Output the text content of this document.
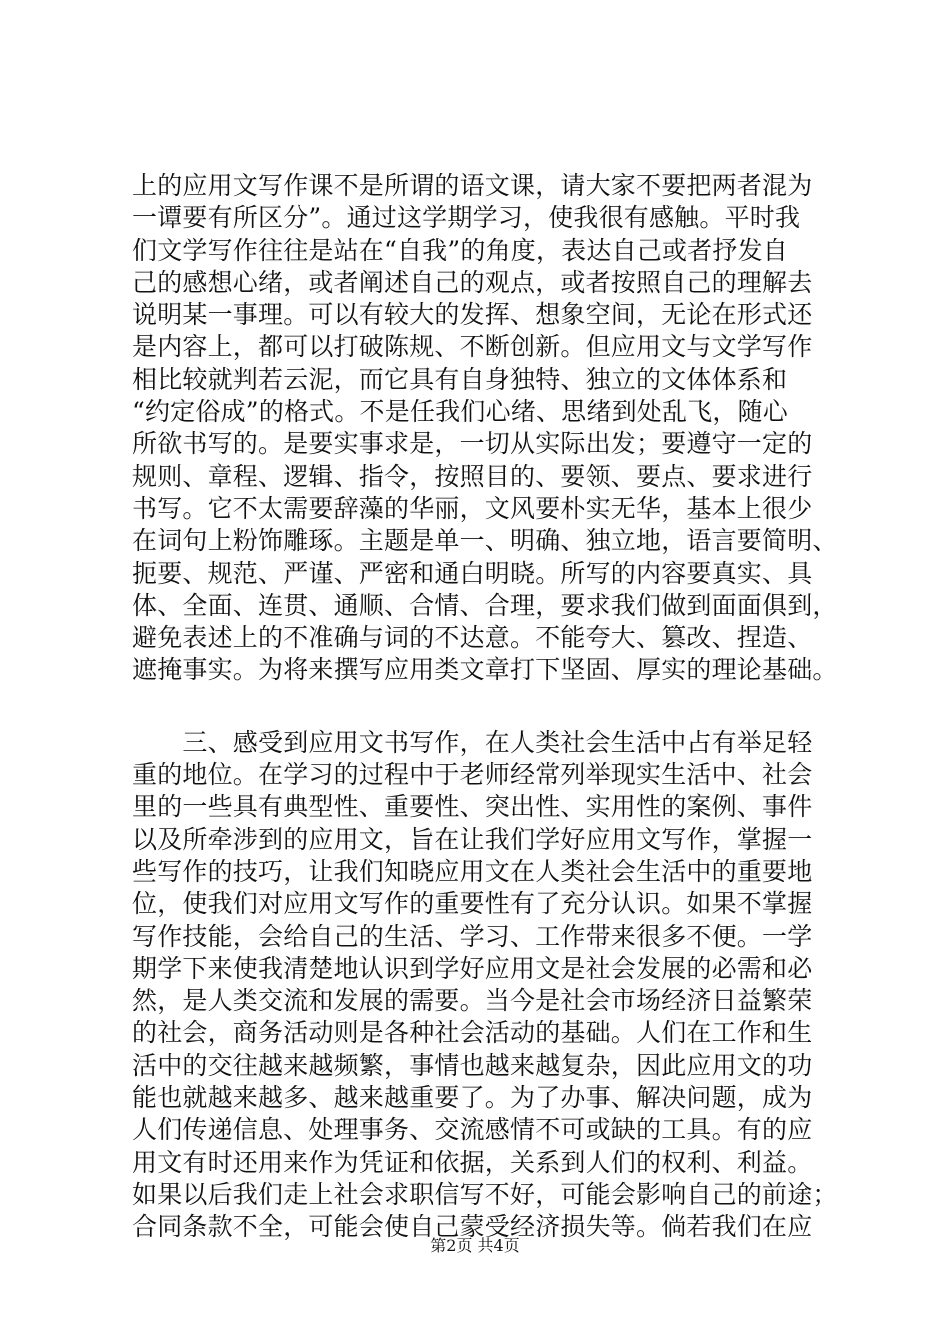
上的应用文写作课不是所谓的语文课，请大家不要把两者混为
一谭要有所区分”。通过这学期学习，使我很有感触。平时我
们文学写作往往是站在“自我”的角度，表达自己或者抒发自
己的感想心绪，或者阐述自己的观点，或者按照自己的理解去
说明某一事理。可以有较大的发挥、想象空间，无论在形式还
是内容上，都可以打破陈规、不断创新。但应用文与文学写作
相比较就判若云泥，而它具有自身独特、独立的文体体系和
“约定俗成”的格式。不是任我们心绪、思绪到处乱飞，随心
所欲书写的。是要实事求是，一切从实际出发；要遵守一定的
规则、章程、逻辑、指令，按照目的、要领、要点、要求进行
书写。它不太需要辞藻的华丽，文风要朴实无华，基本上很少
在词句上粉饰雕琢。主题是单一、明确、独立地，语言要简明、
扼要、规范、严谨、严密和通白明晓。所写的内容要真实、具
体、全面、连贯、通顺、合情、合理，要求我们做到面面俱到，
避免表述上的不准确与词的不达意。不能夸大、篡改、捏造、
遮掩事实。为将来撰写应用类文章打下坚固、厚实的理论基础。
　　三、感受到应用文书写作，在人类社会生活中占有举足轻
重的地位。在学习的过程中于老师经常列举现实生活中、社会
里的一些具有典型性、重要性、突出性、实用性的案例、事件
以及所牵涉到的应用文，旨在让我们学好应用文写作，掌握一
些写作的技巧，让我们知晓应用文在人类社会生活中的重要地
位，使我们对应用文写作的重要性有了充分认识。如果不掌握
写作技能，会给自己的生活、学习、工作带来很多不便。一学
期学下来使我清楚地认识到学好应用文是社会发展的必需和必
然，是人类交流和发展的需要。当今是社会市场经济日益繁荣
的社会，商务活动则是各种社会活动的基础。人们在工作和生
活中的交往越来越频繁，事情也越来越复杂，因此应用文的功
能也就越来越多、越来越重要了。为了办事、解决问题，成为
人们传递信息、处理事务、交流感情不可或缺的工具。有的应
用文有时还用来作为凭证和依据，关系到人们的权利、利益。
如果以后我们走上社会求职信写不好，可能会影响自己的前途；
合同条款不全，可能会使自己蒙受经济损失等。倘若我们在应
第2页 共4页
